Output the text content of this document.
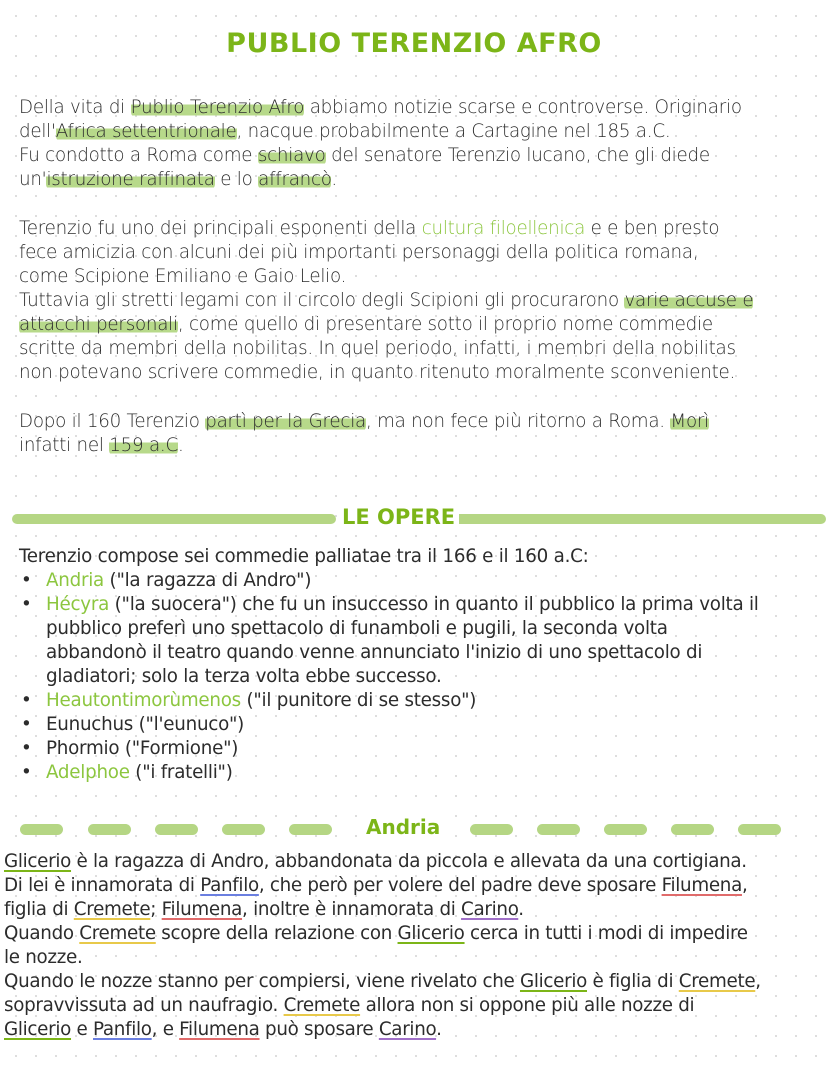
PUBLIO TERENZIO AFRO
Della vita di Publio Terenzio Afro abbiamo notizie scarse e controverse. Originario
dell'Africa settentrionale, nacque probabilmente a Cartagine nel 185 a.C.
Fu condotto a Roma come schiavo del senatore Terenzio lucano, che gli diede
un'istruzione raffinata e lo affrancò.
Terenzio fu uno dei principali esponenti della cultura filoellenica e e ben presto
fece amicizia con alcuni dei più importanti personaggi della politica romana,
come Scipione Emiliano e Gaio Lelio.
Tuttavia gli stretti legami con il circolo degli Scipioni gli procurarono varie accuse e
attacchi personali, come quello di presentare sotto il proprio nome commedie
scritte da membri della nobilitas. In quel periodo, infatti, i membri della nobilitas
non potevano scrivere commedie, in quanto ritenuto moralmente sconveniente.
Dopo il 160 Terenzio partì per la Grecia, ma non fece più ritorno a Roma. Morì
infatti nel 159 a.C.
LE OPERE
Terenzio compose sei commedie palliatae tra il 166 e il 160 a.C:
• Andria ("la ragazza di Andro")
• Hécyra ("la suocera") che fu un insuccesso in quanto il pubblico la prima volta il
pubblico preferì uno spettacolo di funamboli e pugili, la seconda volta
abbandonò il teatro quando venne annunciato l'inizio di uno spettacolo di
gladiatori; solo la terza volta ebbe successo.
• Heautontimorùmenos ("il punitore di se stesso")
• Eunuchus ("l'eunuco")
• Phormio ("Formione")
• Adelphoe ("i fratelli")
Andria
Glicerio è la ragazza di Andro, abbandonata da piccola e allevata da una cortigiana.
Di lei è innamorata di Panfilo, che però per volere del padre deve sposare Filumena,
figlia di Cremete; Filumena, inoltre è innamorata di Carino.
Quando Cremete scopre della relazione con Glicerio cerca in tutti i modi di impedire
le nozze.
Quando le nozze stanno per compiersi, viene rivelato che Glicerio è figlia di Cremete,
sopravvissuta ad un naufragio. Cremete allora non si oppone più alle nozze di
Glicerio e Panfilo, e Filumena può sposare Carino.
